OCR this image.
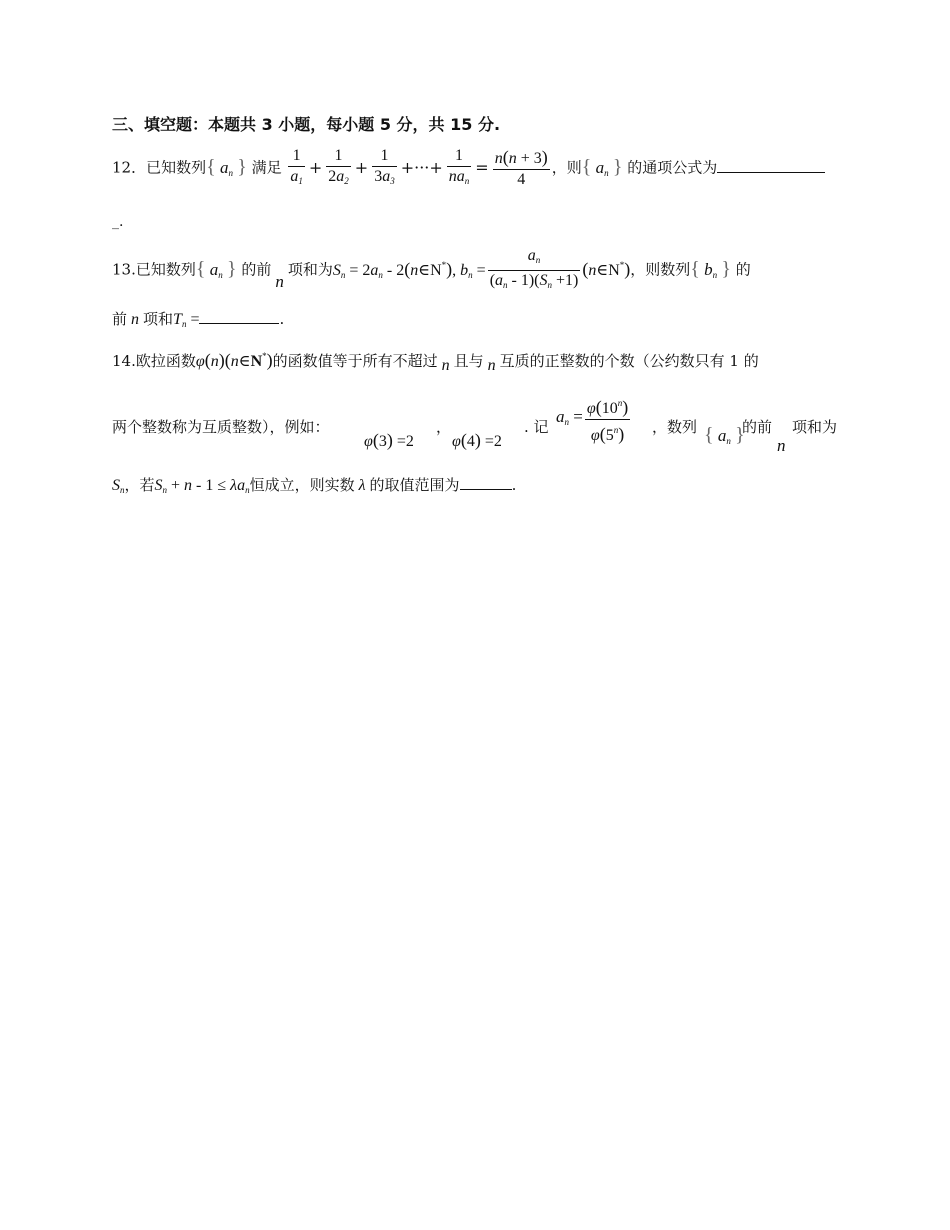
三、填空题：本题共 3 小题，每小题 5 分，共 15 分.
12．已知数列{ $a_n$ } 满足 $\frac{1}{a_1} + \frac{1}{2a_2} + \frac{1}{3a_3}$ +···+ $\frac{1}{na_n} = \frac{n(n + 3)}{4}$ ，则{ $a_n$ } 的通项公式为
_.
13.已知数列{ $a_n$ } 的前n项和为$S_n = 2a_n$ - 2(n∈N*), $b_n = \frac{a_n}{(a_n - 1)(S_n +1)}$ (n∈N*)，则数列{ $b_n$ } 的
前 n 项和$T_n$ =	.
14.欧拉函数φ(n)(n∈N*)的函数值等于所有不超过 n 且与 n 互质的正整数的个数（公约数只有 1 的
两个整数称为互质整数），例如：
φ(3) =2
，
φ(4) =2
. 记
$a_n = \frac{\varphi(10^n)}{\varphi(5^n)}$ ，数列 { $a_n$ }
的前
n
项和为
$S_n$，若$S_n + n - 1 \le \lambda a_n$恒成立，则实数 λ 的取值范围为	.
